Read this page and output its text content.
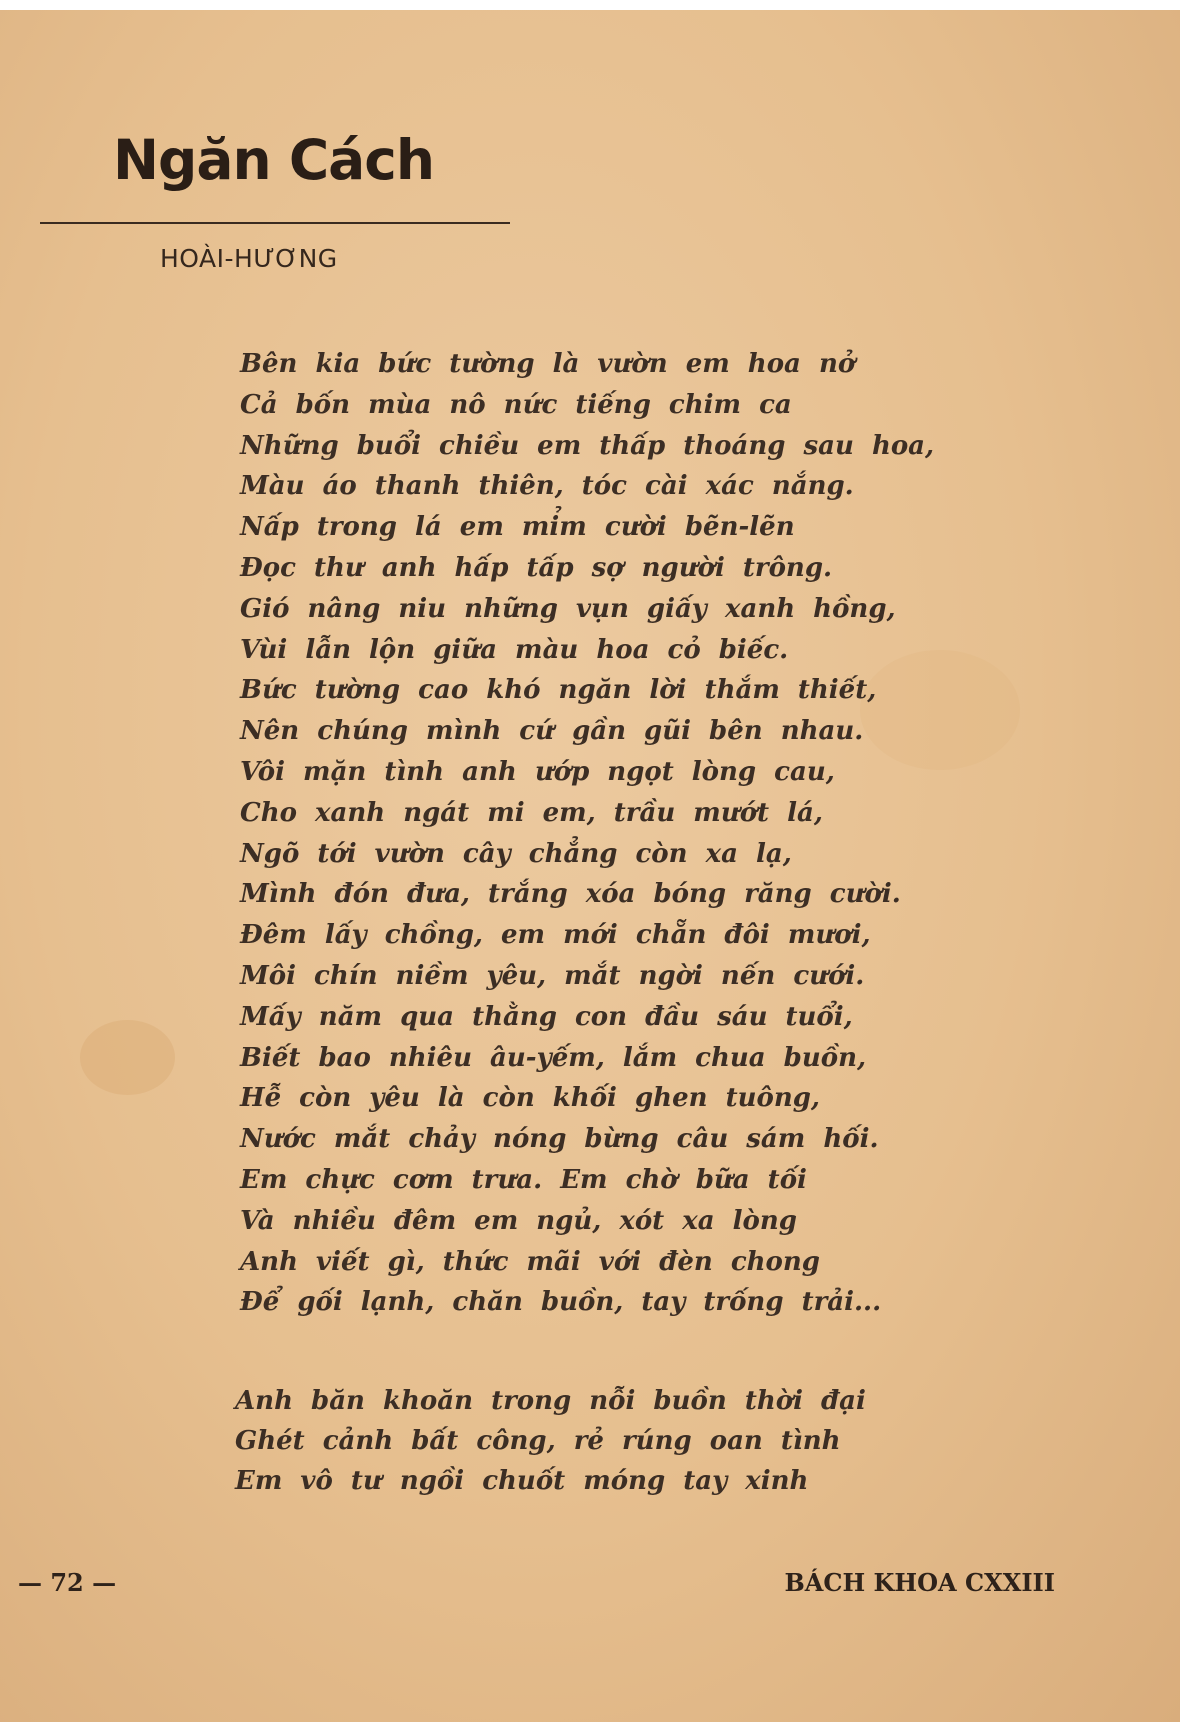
Ngăn Cách
HOÀI-HƯƠNG
Bên kia bức tường là vườn em hoa nở
Cả bốn mùa nô nức tiếng chim ca
Những buổi chiều em thấp thoáng sau hoa,
Màu áo thanh thiên, tóc cài xác nắng.
Nấp trong lá em mỉm cười bẽn-lẽn
Đọc thư anh hấp tấp sợ người trông.
Gió nâng niu những vụn giấy xanh hồng,
Vùi lẫn lộn giữa màu hoa cỏ biếc.
Bức tường cao khó ngăn lời thắm thiết,
Nên chúng mình cứ gần gũi bên nhau.
Vôi mặn tình anh ướp ngọt lòng cau,
Cho xanh ngát mi em, trầu mướt lá,
Ngõ tới vườn cây chẳng còn xa lạ,
Mình đón đưa, trắng xóa bóng răng cười.
Đêm lấy chồng, em mới chẵn đôi mươi,
Môi chín niềm yêu, mắt ngời nến cưới.
Mấy năm qua thằng con đầu sáu tuổi,
Biết bao nhiêu âu-yếm, lắm chua buồn,
Hễ còn yêu là còn khối ghen tuông,
Nước mắt chảy nóng bừng câu sám hối.
Em chực cơm trưa. Em chờ bữa tối
Và nhiều đêm em ngủ, xót xa lòng
Anh viết gì, thức mãi với đèn chong
Để gối lạnh, chăn buồn, tay trống trải...
Anh băn khoăn trong nỗi buồn thời đại
Ghét cảnh bất công, rẻ rúng oan tình
Em vô tư ngồi chuốt móng tay xinh
— 72 —	BÁCH KHOA CXXIII
